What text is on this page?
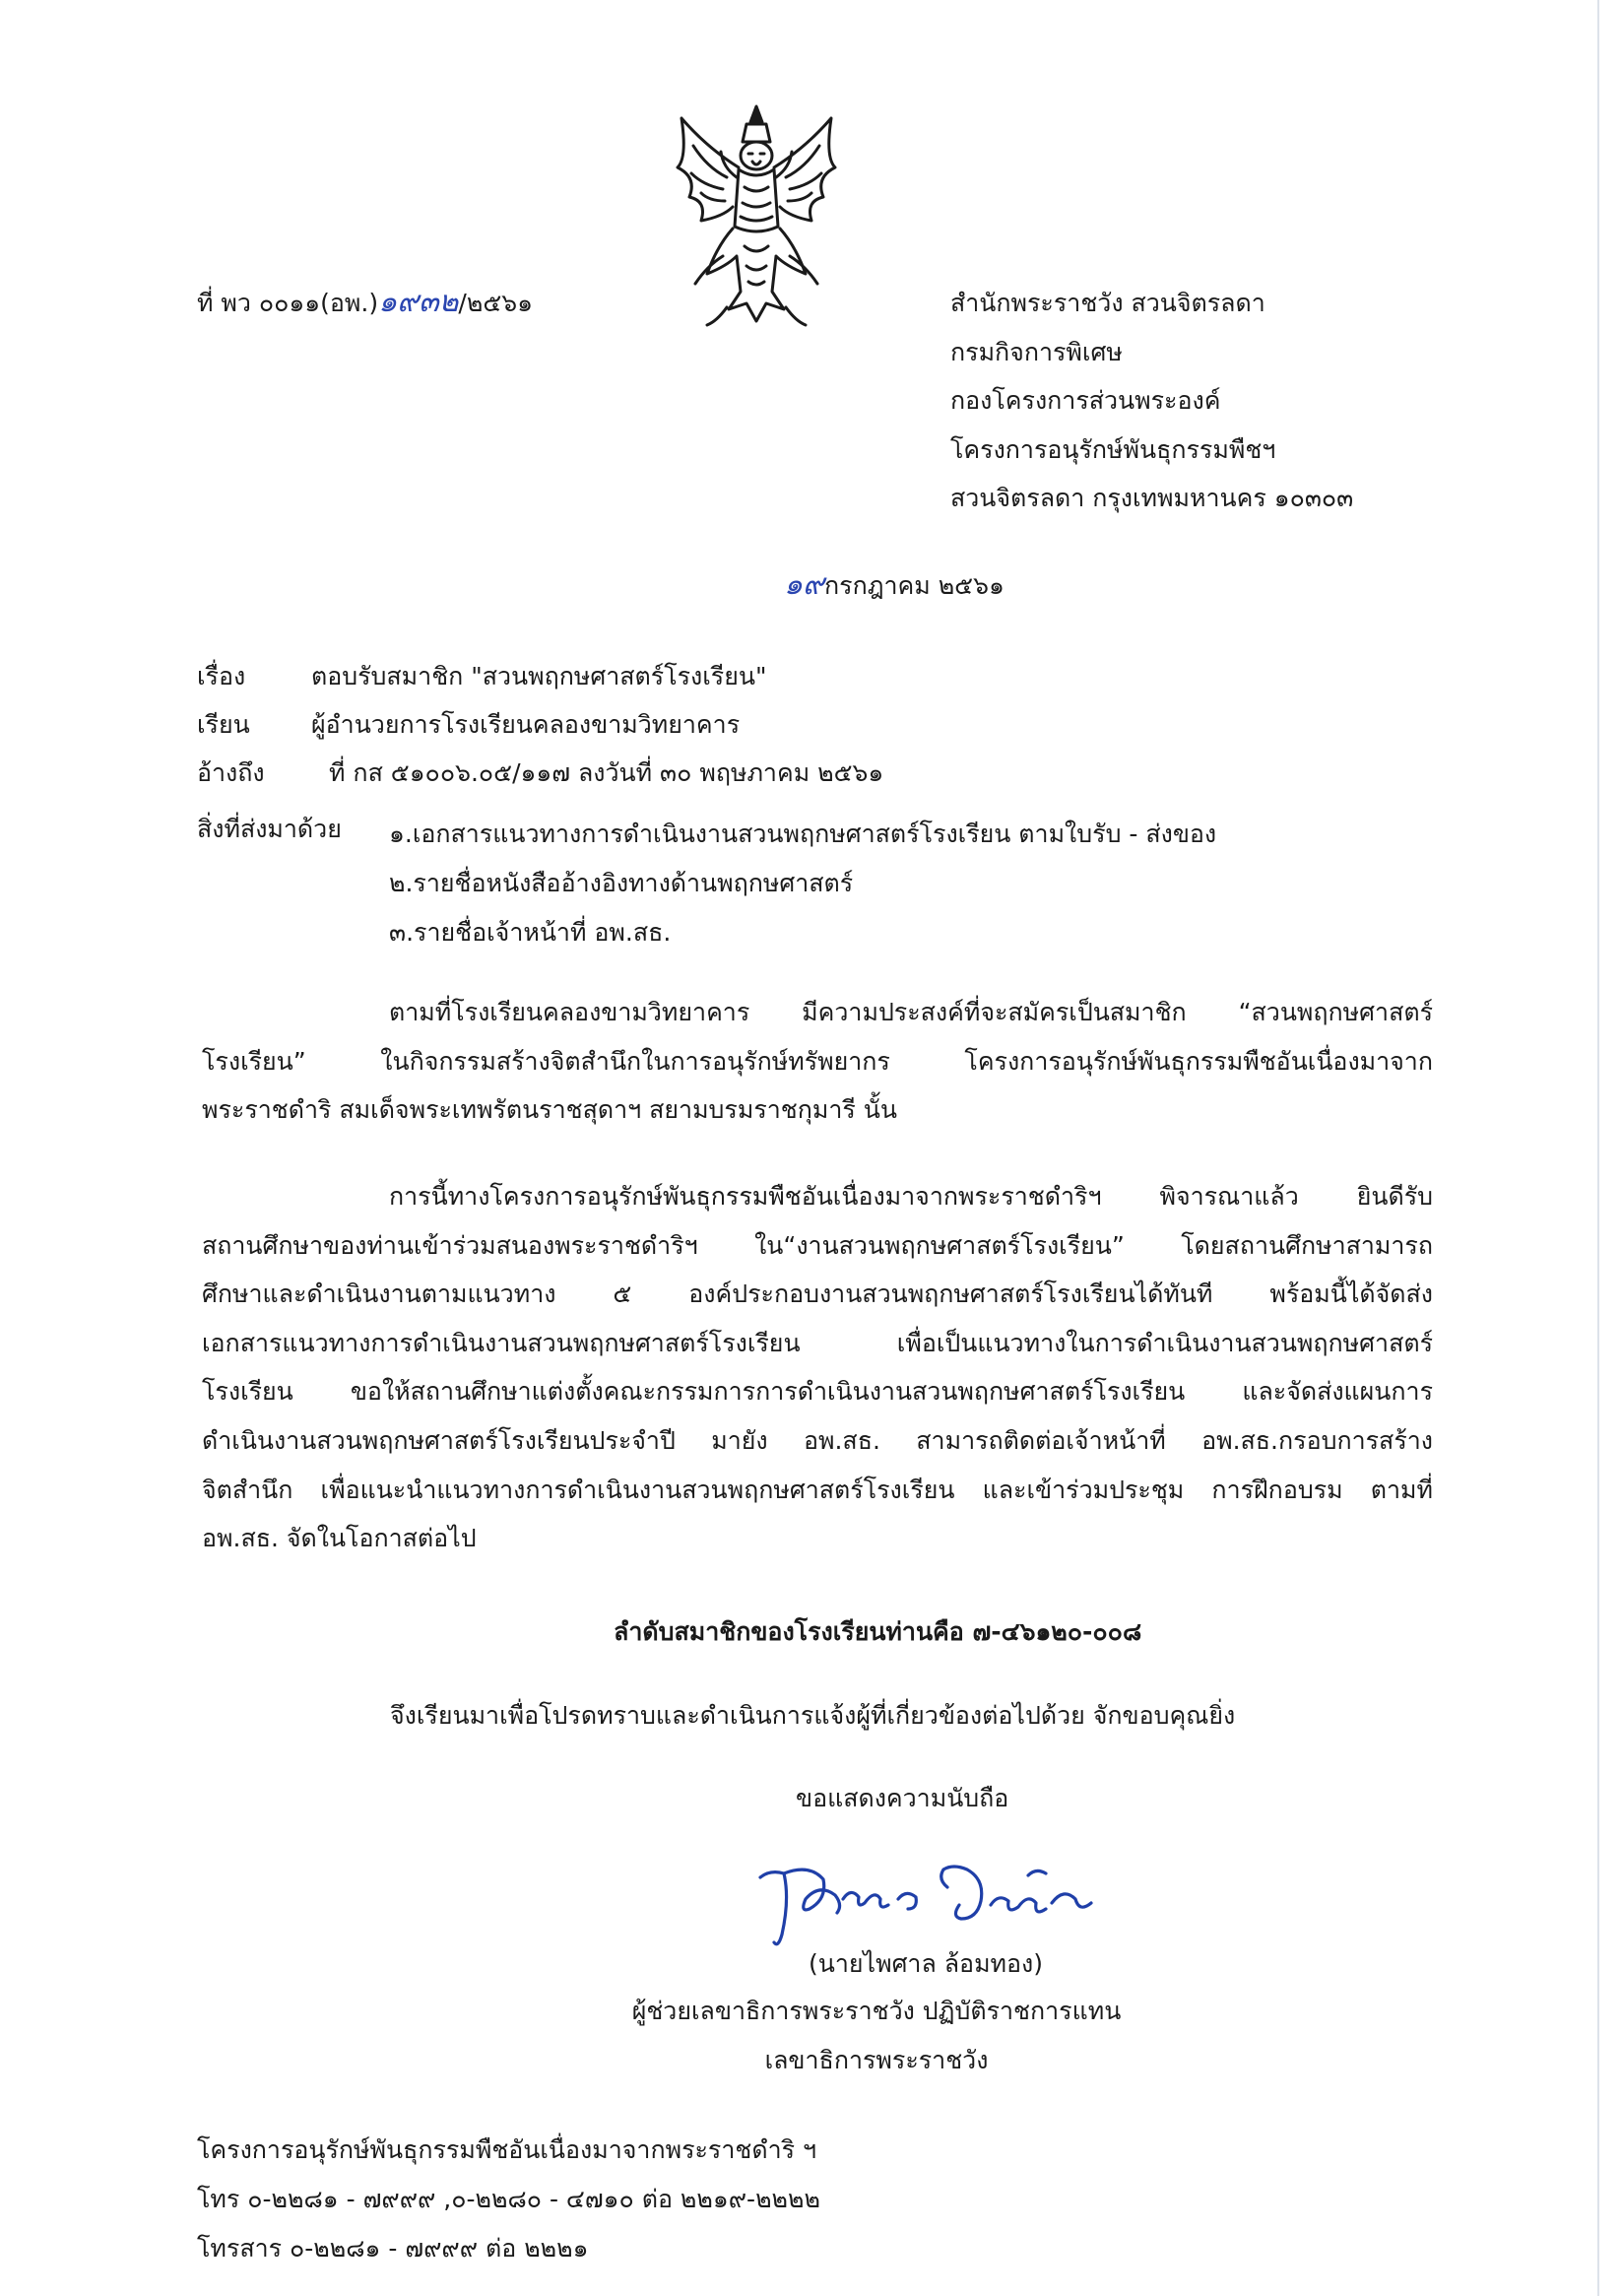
ที่ พว ๐๐๑๑(อพ.)๑๙๓๒/๒๕๖๑	สำนักพระราชวัง สวนจิตรลดา
กรมกิจการพิเศษ
กองโครงการส่วนพระองค์
โครงการอนุรักษ์พันธุกรรมพืชฯ
สวนจิตรลดา กรุงเทพมหานคร ๑๐๓๐๓
๑๙กรกฎาคม ๒๕๖๑
เรื่อง	ตอบรับสมาชิก "สวนพฤกษศาสตร์โรงเรียน"
เรียน ผู้อำนวยการโรงเรียนคลองขามวิทยาคาร
อ้างถึง	ที่ กส ๕๑๐๐๖.๐๕/๑๑๗ ลงวันที่ ๓๐ พฤษภาคม ๒๕๖๑
สิ่งที่ส่งมาด้วย ๑.เอกสารแนวทางการดำเนินงานสวนพฤกษศาสตร์โรงเรียน ตามใบรับ - ส่งของ
๒.รายชื่อหนังสืออ้างอิงทางด้านพฤกษศาสตร์
๓.รายชื่อเจ้าหน้าที่ อพ.สธ.
ตามที่โรงเรียนคลองขามวิทยาคาร มีความประสงค์ที่จะสมัครเป็นสมาชิก “สวนพฤกษศาสตร์
โรงเรียน” ในกิจกรรมสร้างจิตสำนึกในการอนุรักษ์ทรัพยากร โครงการอนุรักษ์พันธุกรรมพืชอันเนื่องมาจาก
พระราชดำริ สมเด็จพระเทพรัตนราชสุดาฯ สยามบรมราชกุมารี นั้น
การนี้ทางโครงการอนุรักษ์พันธุกรรมพืชอันเนื่องมาจากพระราชดำริฯ พิจารณาแล้ว ยินดีรับ
สถานศึกษาของท่านเข้าร่วมสนองพระราชดำริฯ ใน“งานสวนพฤกษศาสตร์โรงเรียน” โดยสถานศึกษาสามารถ
ศึกษาและดำเนินงานตามแนวทาง ๕ องค์ประกอบงานสวนพฤกษศาสตร์โรงเรียนได้ทันที พร้อมนี้ได้จัดส่ง
เอกสารแนวทางการดำเนินงานสวนพฤกษศาสตร์โรงเรียน เพื่อเป็นแนวทางในการดำเนินงานสวนพฤกษศาสตร์
โรงเรียน ขอให้สถานศึกษาแต่งตั้งคณะกรรมการการดำเนินงานสวนพฤกษศาสตร์โรงเรียน และจัดส่งแผนการ
ดำเนินงานสวนพฤกษศาสตร์โรงเรียนประจำปี มายัง อพ.สธ. สามารถติดต่อเจ้าหน้าที่ อพ.สธ.กรอบการสร้าง
จิตสำนึก เพื่อแนะนำแนวทางการดำเนินงานสวนพฤกษศาสตร์โรงเรียน และเข้าร่วมประชุม การฝึกอบรม ตามที่
อพ.สธ. จัดในโอกาสต่อไป
ลำดับสมาชิกของโรงเรียนท่านคือ ๗-๔๖๑๒๐-๐๐๘
จึงเรียนมาเพื่อโปรดทราบและดำเนินการแจ้งผู้ที่เกี่ยวข้องต่อไปด้วย จักขอบคุณยิ่ง
ขอแสดงความนับถือ
(นายไพศาล ล้อมทอง)
ผู้ช่วยเลขาธิการพระราชวัง ปฏิบัติราชการแทน
เลขาธิการพระราชวัง
โครงการอนุรักษ์พันธุกรรมพืชอันเนื่องมาจากพระราชดำริ ฯ
โทร ๐-๒๒๘๑ - ๗๙๙๙ ,๐-๒๒๘๐ - ๔๗๑๐ ต่อ ๒๒๑๙-๒๒๒๒
โทรสาร ๐-๒๒๘๑ - ๗๙๙๙ ต่อ ๒๒๒๑
